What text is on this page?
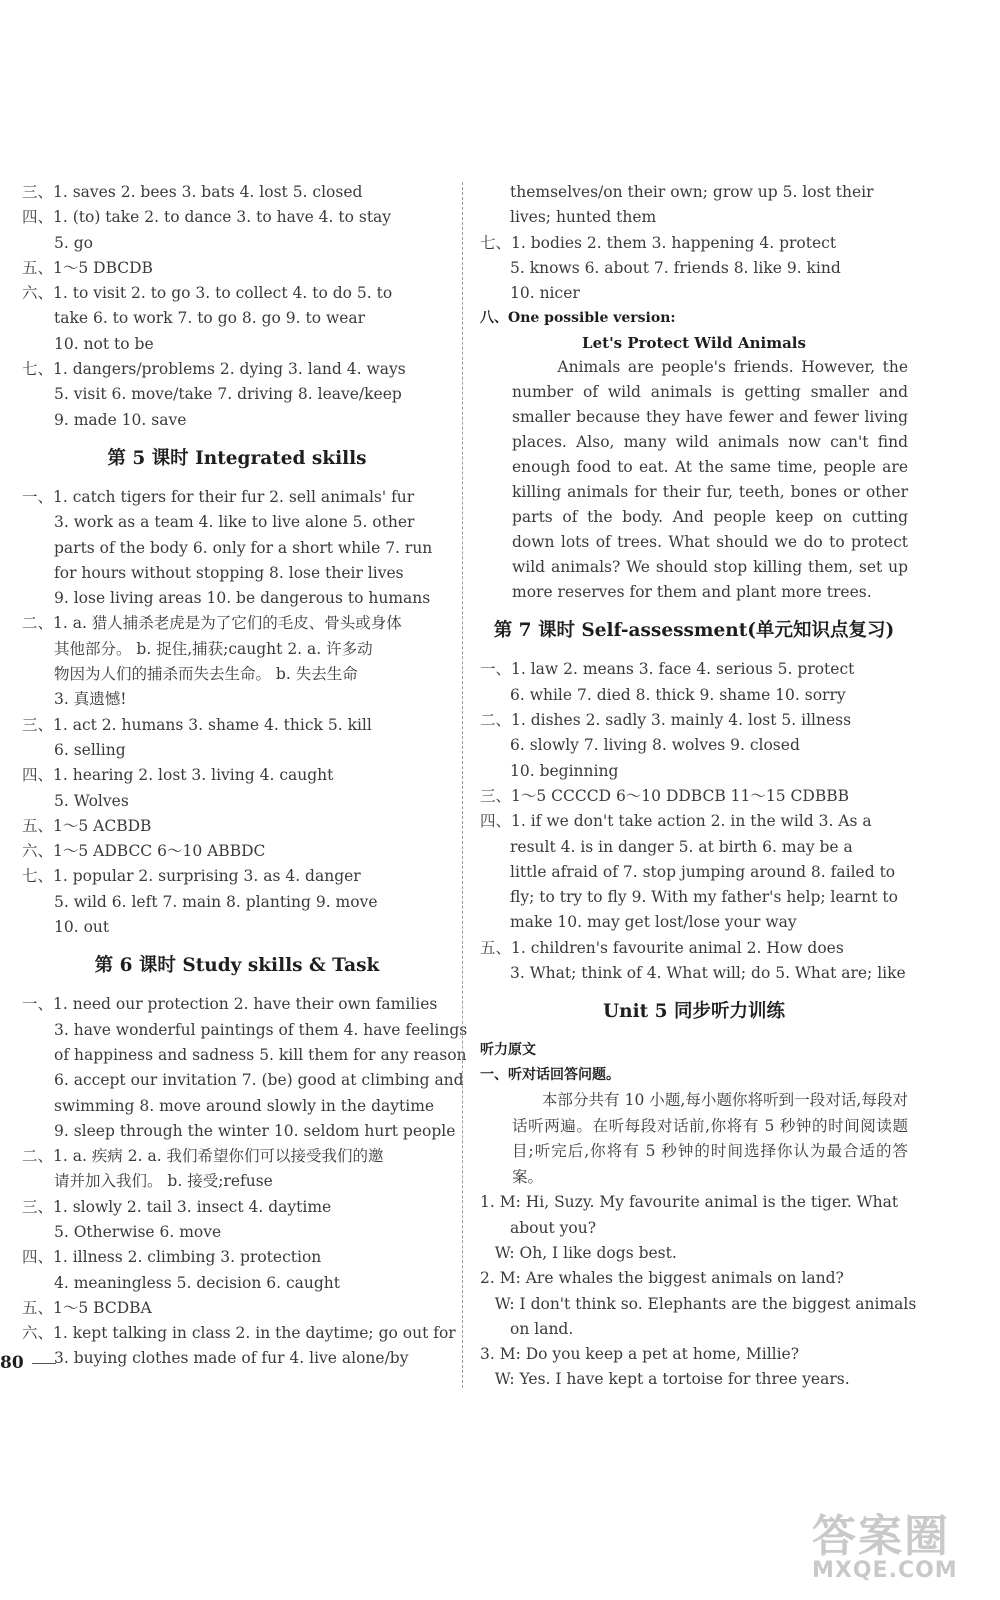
三、1. saves 2. bees 3. bats 4. lost 5. closed
四、1. (to) take 2. to dance 3. to have 4. to stay
5. go
五、1～5 DBCDB
六、1. to visit 2. to go 3. to collect 4. to do 5. to
take 6. to work 7. to go 8. go 9. to wear
10. not to be
七、1. dangers/problems 2. dying 3. land 4. ways
5. visit 6. move/take 7. driving 8. leave/keep
9. made 10. save
第 5 课时 Integrated skills
一、1. catch tigers for their fur 2. sell animals' fur
3. work as a team 4. like to live alone 5. other
parts of the body 6. only for a short while 7. run
for hours without stopping 8. lose their lives
9. lose living areas 10. be dangerous to humans
二、1. a. 猎人捕杀老虎是为了它们的毛皮、骨头或身体
其他部分。 b. 捉住,捕获;caught 2. a. 许多动
物因为人们的捕杀而失去生命。 b. 失去生命
3. 真遗憾!
三、1. act 2. humans 3. shame 4. thick 5. kill
6. selling
四、1. hearing 2. lost 3. living 4. caught
5. Wolves
五、1～5 ACBDB
六、1～5 ADBCC 6～10 ABBDC
七、1. popular 2. surprising 3. as 4. danger
5. wild 6. left 7. main 8. planting 9. move
10. out
第 6 课时 Study skills & Task
一、1. need our protection 2. have their own families
3. have wonderful paintings of them 4. have feelings
of happiness and sadness 5. kill them for any reason
6. accept our invitation 7. (be) good at climbing and
swimming 8. move around slowly in the daytime
9. sleep through the winter 10. seldom hurt people
二、1. a. 疾病 2. a. 我们希望你们可以接受我们的邀
请并加入我们。 b. 接受;refuse
三、1. slowly 2. tail 3. insect 4. daytime
5. Otherwise 6. move
四、1. illness 2. climbing 3. protection
4. meaningless 5. decision 6. caught
五、1～5 BCDBA
六、1. kept talking in class 2. in the daytime; go out for
3. buying clothes made of fur 4. live alone/by
themselves/on their own; grow up 5. lost their
lives; hunted them
七、1. bodies 2. them 3. happening 4. protect
5. knows 6. about 7. friends 8. like 9. kind
10. nicer
八、One possible version:
Let's Protect Wild Animals
Animals are people's friends. However, the number of wild animals is getting smaller and smaller because they have fewer and fewer living places. Also, many wild animals now can't find enough food to eat. At the same time, people are killing animals for their fur, teeth, bones or other parts of the body. And people keep on cutting down lots of trees. What should we do to protect wild animals? We should stop killing them, set up more reserves for them and plant more trees.
第 7 课时 Self-assessment(单元知识点复习)
一、1. law 2. means 3. face 4. serious 5. protect
6. while 7. died 8. thick 9. shame 10. sorry
二、1. dishes 2. sadly 3. mainly 4. lost 5. illness
6. slowly 7. living 8. wolves 9. closed
10. beginning
三、1～5 CCCCD 6～10 DDBCB 11～15 CDBBB
四、1. if we don't take action 2. in the wild 3. As a
result 4. is in danger 5. at birth 6. may be a
little afraid of 7. stop jumping around 8. failed to
fly; to try to fly 9. With my father's help; learnt to
make 10. may get lost/lose your way
五、1. children's favourite animal 2. How does
3. What; think of 4. What will; do 5. What are; like
Unit 5 同步听力训练
听力原文
一、听对话回答问题。
本部分共有 10 小题,每小题你将听到一段对话,每段对话听两遍。在听每段对话前,你将有 5 秒钟的时间阅读题目;听完后,你将有 5 秒钟的时间选择你认为最合适的答案。
1. M: Hi, Suzy. My favourite animal is the tiger. What
about you?
W: Oh, I like dogs best.
2. M: Are whales the biggest animals on land?
W: I don't think so. Elephants are the biggest animals
on land.
3. M: Do you keep a pet at home, Millie?
W: Yes. I have kept a tortoise for three years.
80
答案圈
MXQE.COM
